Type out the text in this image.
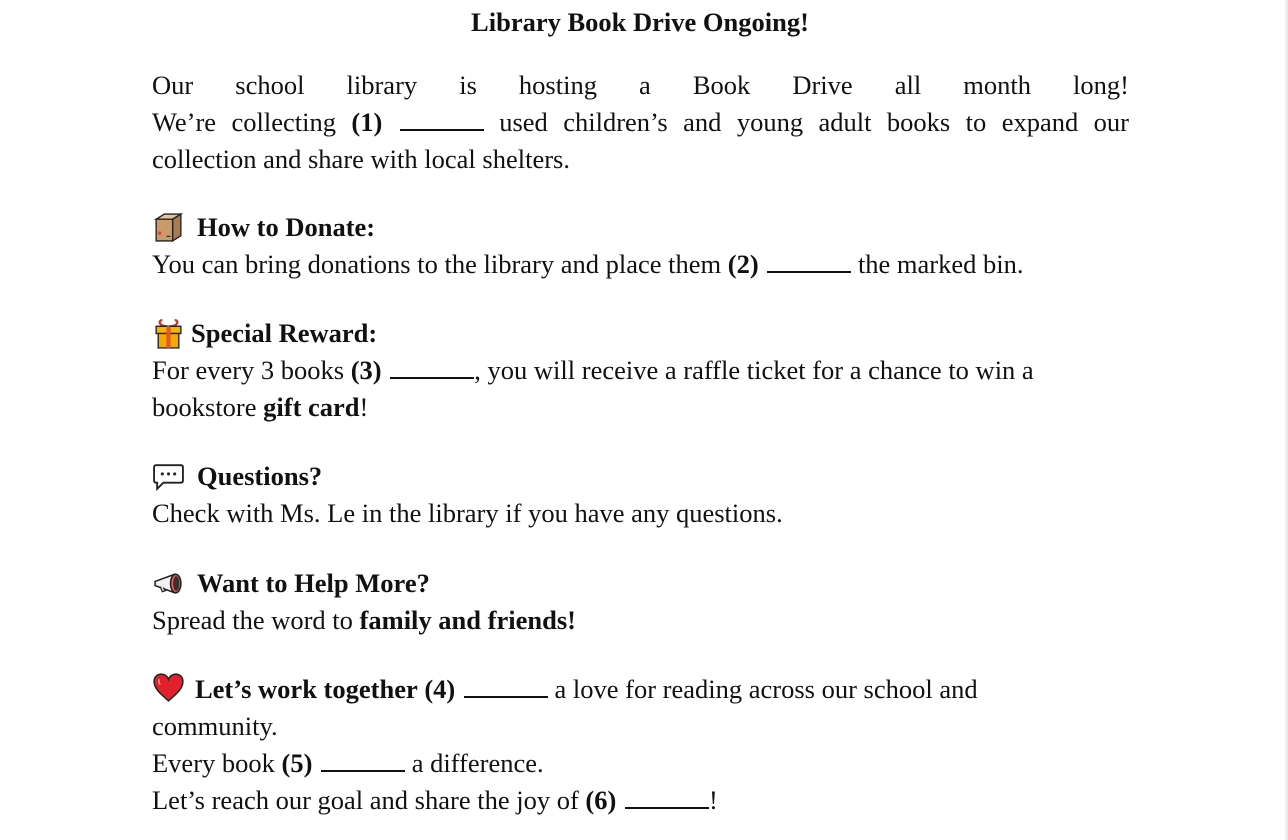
Library Book Drive Ongoing!

Our school library is hosting a Book Drive all month long!
We’re collecting (1)	used children’s and young adult books to expand our collection and share with local shelters.

How to Donate:

You can bring donations to the library and place them (2)	the marked bin.

Special Reward:

For every 3 books (3)	, you will receive a raffle ticket for a chance to win a bookstore gift card!

Questions?

Check with Ms. Le in the library if you have any questions.

Want to Help More?

Spread the word to family and friends!

Let’s work together (4)	a love for reading across our school and community.

Every book (5)	a difference.

Let’s reach our goal and share the joy of (6)	!
